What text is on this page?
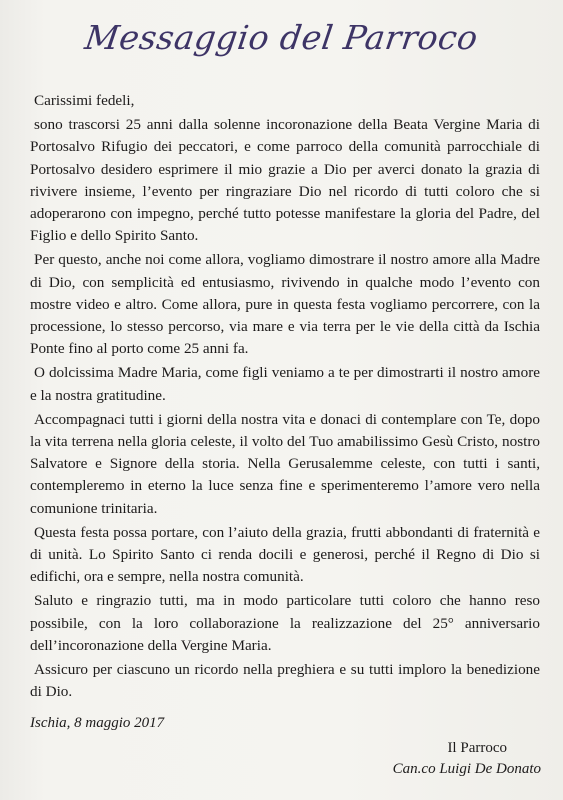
Messaggio del Parroco

Carissimi fedeli,

sono trascorsi 25 anni dalla solenne incoronazione della Beata Vergine Maria di Portosalvo Rifugio dei peccatori, e come parroco della comunità parrocchiale di Portosalvo desidero esprimere il mio grazie a Dio per averci donato la grazia di rivivere insieme, l’evento per ringraziare Dio nel ricordo di tutti coloro che si adoperarono con impegno, perché tutto potesse manifestare la gloria del Padre, del Figlio e dello Spirito Santo.

Per questo, anche noi come allora, vogliamo dimostrare il nostro amore alla Madre di Dio, con semplicità ed entusiasmo, rivivendo in qualche modo l’evento con mostre video e altro. Come allora, pure in questa festa vogliamo percorrere, con la processione, lo stesso percorso, via mare e via terra per le vie della città da Ischia Ponte fino al porto come 25 anni fa.

O dolcissima Madre Maria, come figli veniamo a te per dimostrarti il nostro amore e la nostra gratitudine.

Accompagnaci tutti i giorni della nostra vita e donaci di contemplare con Te, dopo la vita terrena nella gloria celeste, il volto del Tuo amabilissimo Gesù Cristo, nostro Salvatore e Signore della storia. Nella Gerusalemme celeste, con tutti i santi, contempleremo in eterno la luce senza fine e sperimenteremo l’amore vero nella comunione trinitaria.

Questa festa possa portare, con l’aiuto della grazia, frutti abbondanti di fraternità e di unità. Lo Spirito Santo ci renda docili e generosi, perché il Regno di Dio si edifichi, ora e sempre, nella nostra comunità.

Saluto e ringrazio tutti, ma in modo particolare tutti coloro che hanno reso possibile, con la loro collaborazione la realizzazione del 25° anniversario dell’incoronazione della Vergine Maria.

Assicuro per ciascuno un ricordo nella preghiera e su tutti imploro la benedizione di Dio.

Ischia, 8 maggio 2017
Il Parroco
Can.co Luigi De Donato
